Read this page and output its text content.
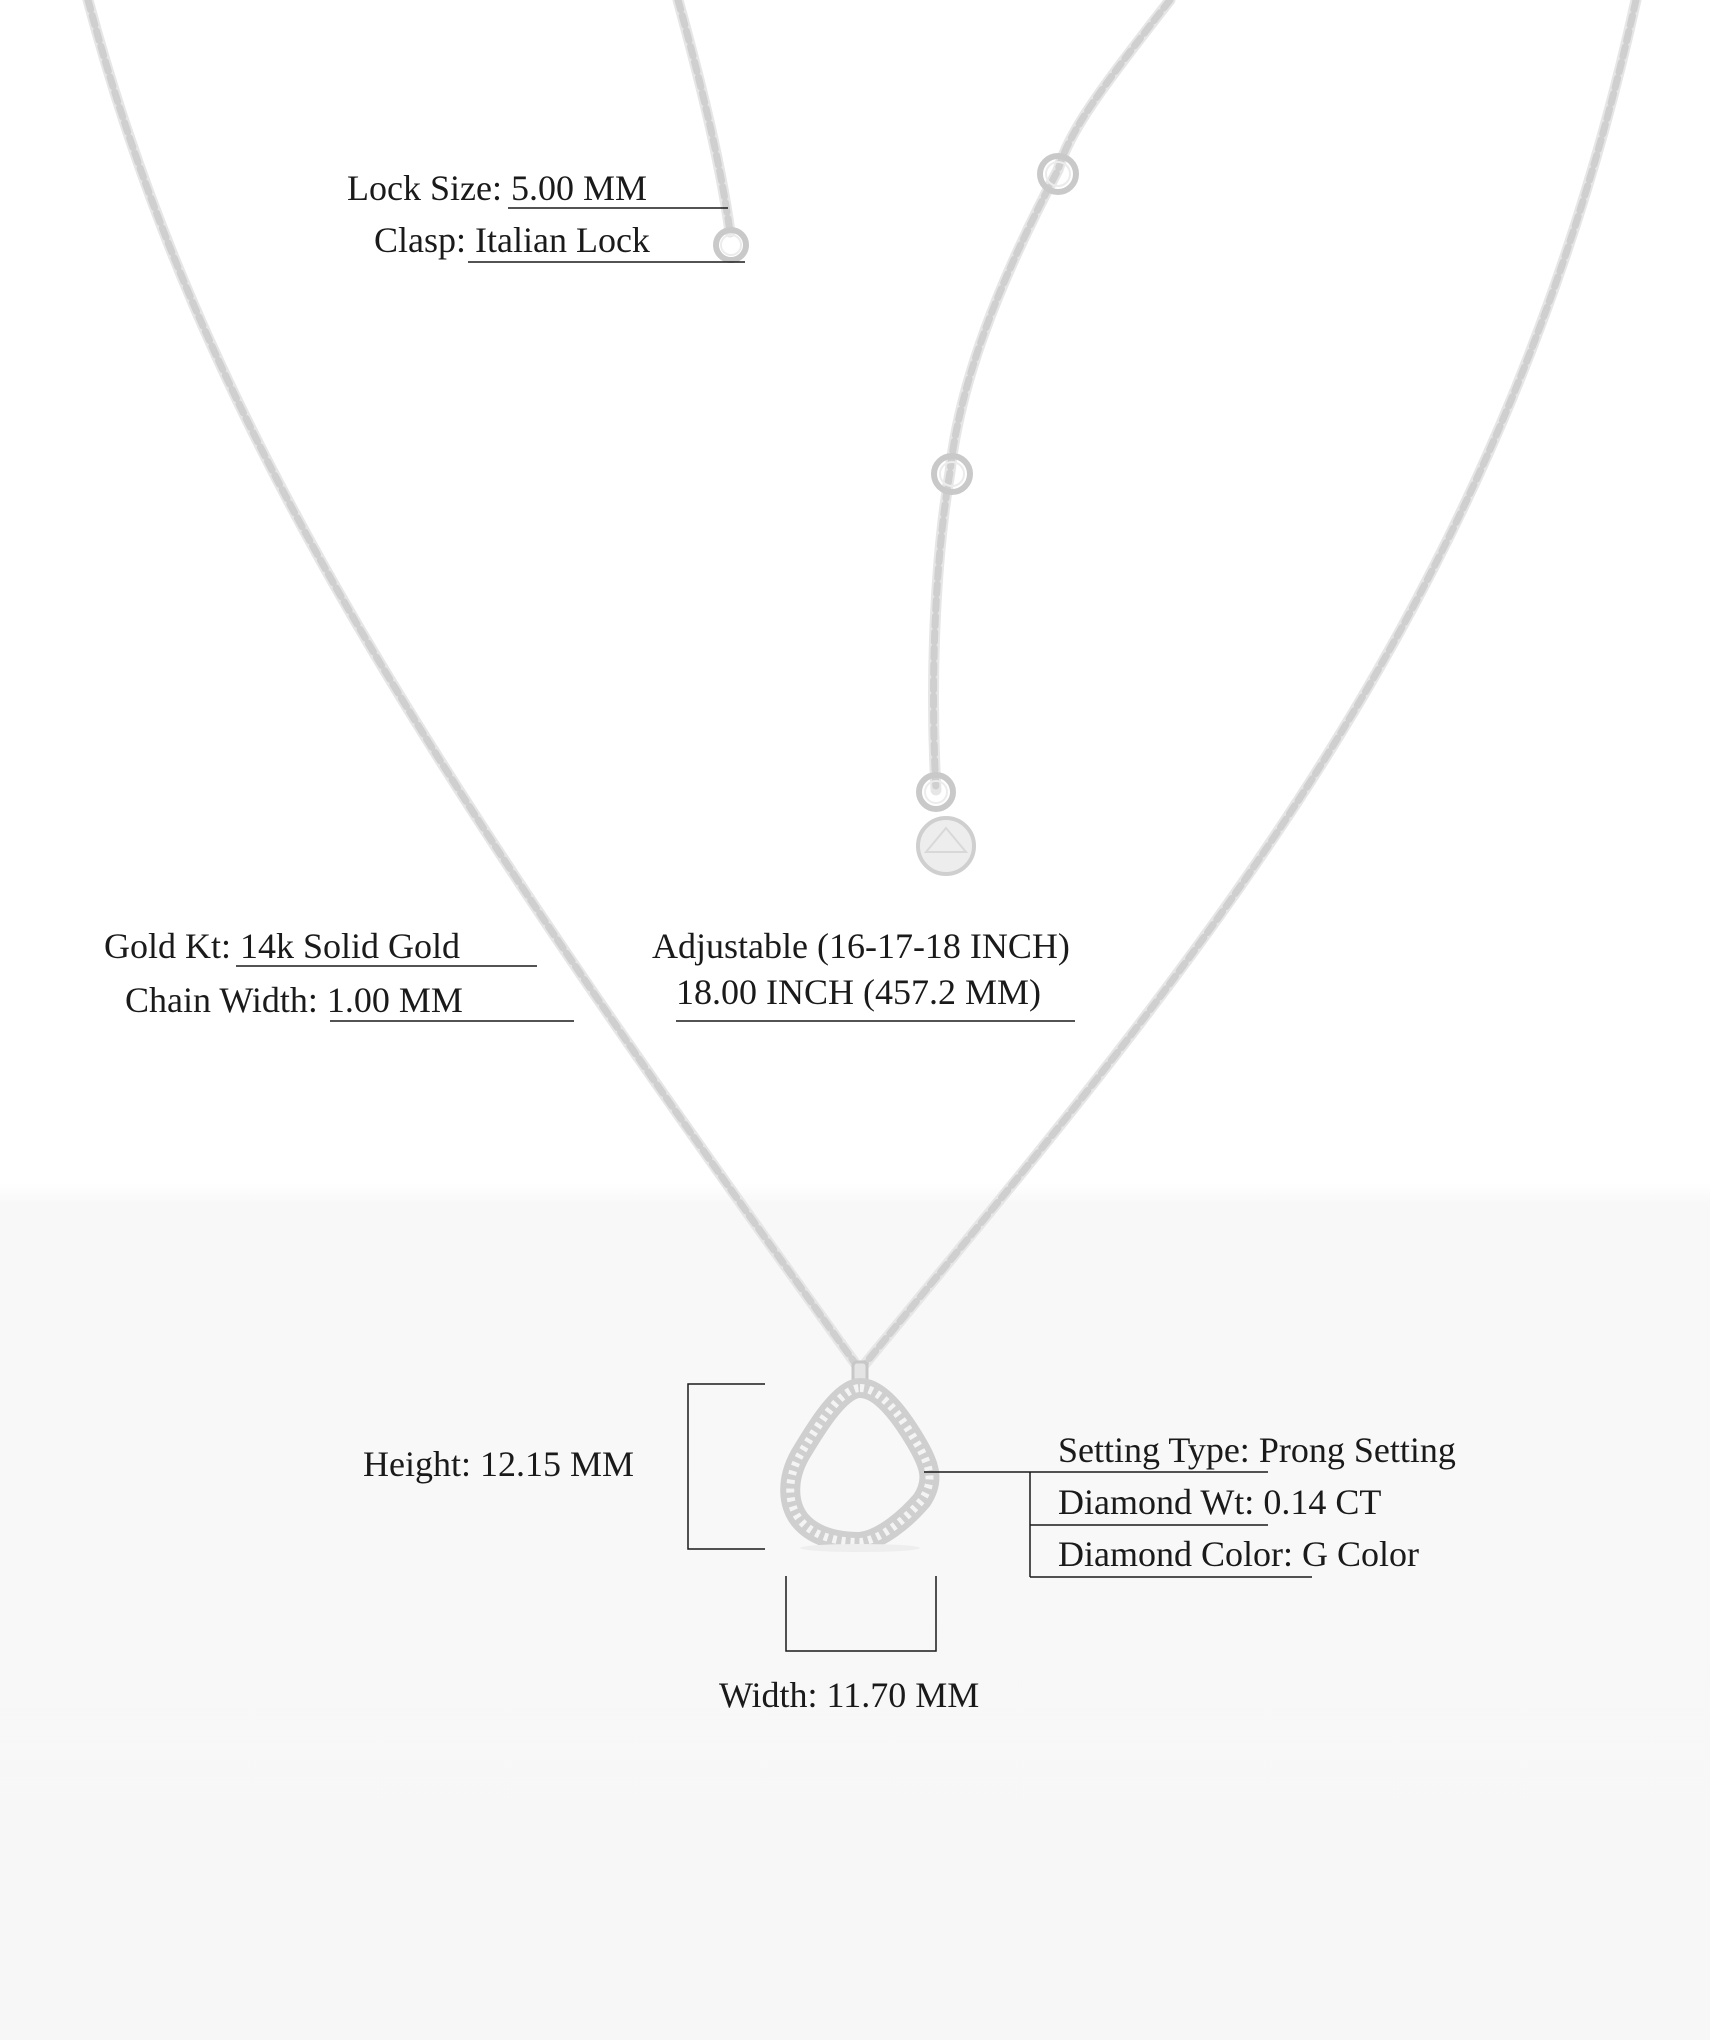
Lock Size: 5.00 MM
Clasp: Italian Lock
Gold Kt: 14k Solid Gold
Chain Width: 1.00 MM
Adjustable (16-17-18 INCH)
18.00 INCH (457.2 MM)
Height: 12.15 MM
Width: 11.70 MM
Setting Type: Prong Setting
Diamond Wt: 0.14 CT
Diamond Color: G Color
